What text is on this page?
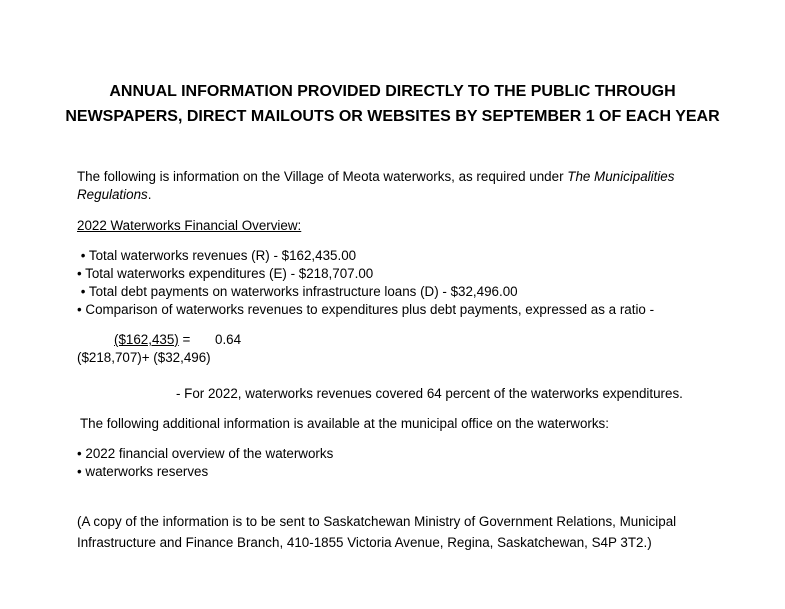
ANNUAL INFORMATION PROVIDED DIRECTLY TO THE PUBLIC THROUGH
NEWSPAPERS, DIRECT MAILOUTS OR WEBSITES BY SEPTEMBER 1 OF EACH YEAR
The following is information on the Village of Meota waterworks, as required under The Municipalities
Regulations.
2022 Waterworks Financial Overview:
• Total waterworks revenues (R) - $162,435.00
• Total waterworks expenditures (E) - $218,707.00
• Total debt payments on waterworks infrastructure loans (D) - $32,496.00
• Comparison of waterworks revenues to expenditures plus debt payments, expressed as a ratio -
($162,435) = 0.64
($218,707)+ ($32,496)
- For 2022, waterworks revenues covered 64 percent of the waterworks expenditures.
The following additional information is available at the municipal office on the waterworks:
• 2022 financial overview of the waterworks
• waterworks reserves
(A copy of the information is to be sent to Saskatchewan Ministry of Government Relations, Municipal
Infrastructure and Finance Branch, 410-1855 Victoria Avenue, Regina, Saskatchewan, S4P 3T2.)
